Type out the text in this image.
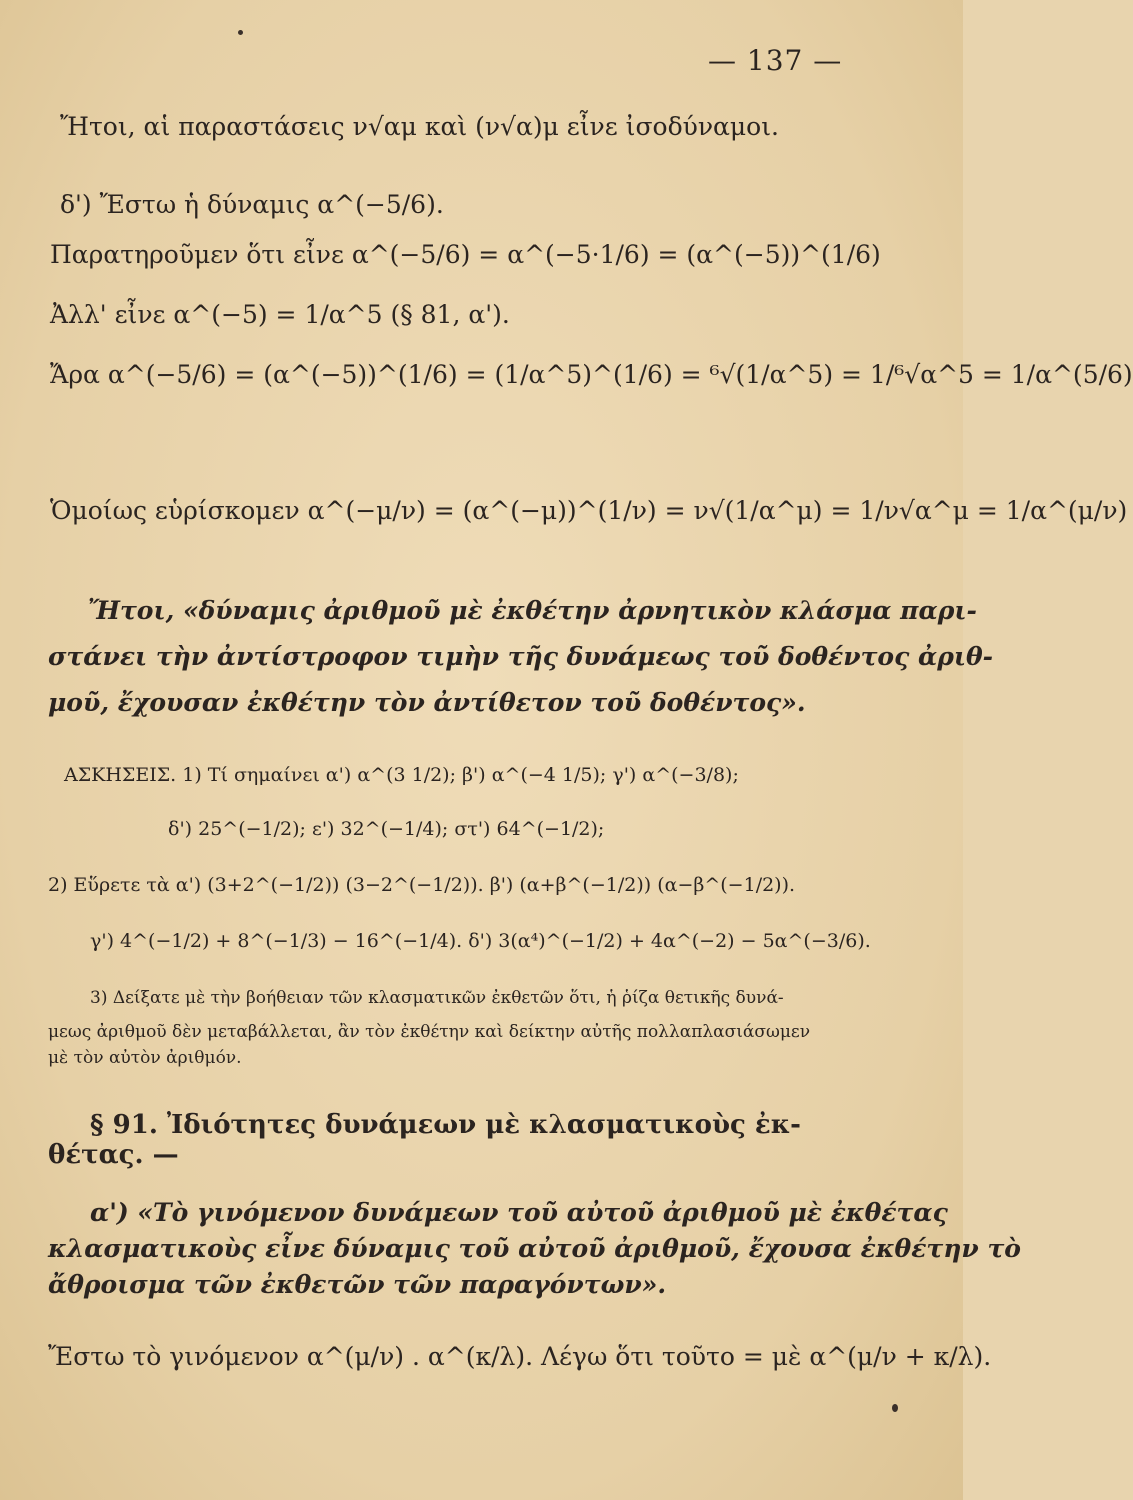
— 137 —
Ἤτοι, αἱ παραστάσεις ν√αμ καὶ (ν√α)μ εἶνε ἰσοδύναμοι.
δ') Ἔστω ἡ δύναμις α^(−5/6).
Παρατηροῦμεν ὅτι εἶνε α^(−5/6) = α^(−5·1/6) = (α^(−5))^(1/6)
Ἀλλ' εἶνε α^(−5) = 1/α^5 (§ 81, α').
Ἄρα α^(−5/6) = (α^(−5))^(1/6) = (1/α^5)^(1/6) = ⁶√(1/α^5) = 1/⁶√α^5 = 1/α^(5/6)
Ὁμοίως εὑρίσκομεν α^(−μ/ν) = (α^(−μ))^(1/ν) = ν√(1/α^μ) = 1/ν√α^μ = 1/α^(μ/ν)
Ἤτοι, «δύναμις ἀριθμοῦ μὲ ἐκθέτην ἀρνητικὸν κλάσμα παρι-
στάνει τὴν ἀντίστροφον τιμὴν τῆς δυνάμεως τοῦ δοθέντος ἀριθ-
μοῦ, ἔχουσαν ἐκθέτην τὸν ἀντίθετον τοῦ δοθέντος».
ΑΣΚΗΣΕΙΣ. 1) Τί σημαίνει α') α^(3 1/2); β') α^(−4 1/5); γ') α^(−3/8);
δ') 25^(−1/2); ε') 32^(−1/4); στ') 64^(−1/2);
2) Εὕρετε τὰ α') (3+2^(−1/2)) (3−2^(−1/2)). β') (α+β^(−1/2)) (α−β^(−1/2)).
γ') 4^(−1/2) + 8^(−1/3) − 16^(−1/4). δ') 3(α⁴)^(−1/2) + 4α^(−2) − 5α^(−3/6).
3) Δείξατε μὲ τὴν βοήθειαν τῶν κλασματικῶν ἐκθετῶν ὅτι, ἡ ῥίζα θετικῆς δυνά-
μεως ἀριθμοῦ δὲν μεταβάλλεται, ἂν τὸν ἐκθέτην καὶ δείκτην αὐτῆς πολλαπλασιάσωμεν
μὲ τὸν αὐτὸν ἀριθμόν.
§ 91. Ἰδιότητες δυνάμεων μὲ κλασματικοὺς ἐκ-
θέτας. —
α') «Τὸ γινόμενον δυνάμεων τοῦ αὐτοῦ ἀριθμοῦ μὲ ἐκθέτας
κλασματικοὺς εἶνε δύναμις τοῦ αὐτοῦ ἀριθμοῦ, ἔχουσα ἐκθέτην τὸ
ἄθροισμα τῶν ἐκθετῶν τῶν παραγόντων».
Ἔστω τὸ γινόμενον α^(μ/ν) . α^(κ/λ). Λέγω ὅτι τοῦτο = μὲ α^(μ/ν + κ/λ).
